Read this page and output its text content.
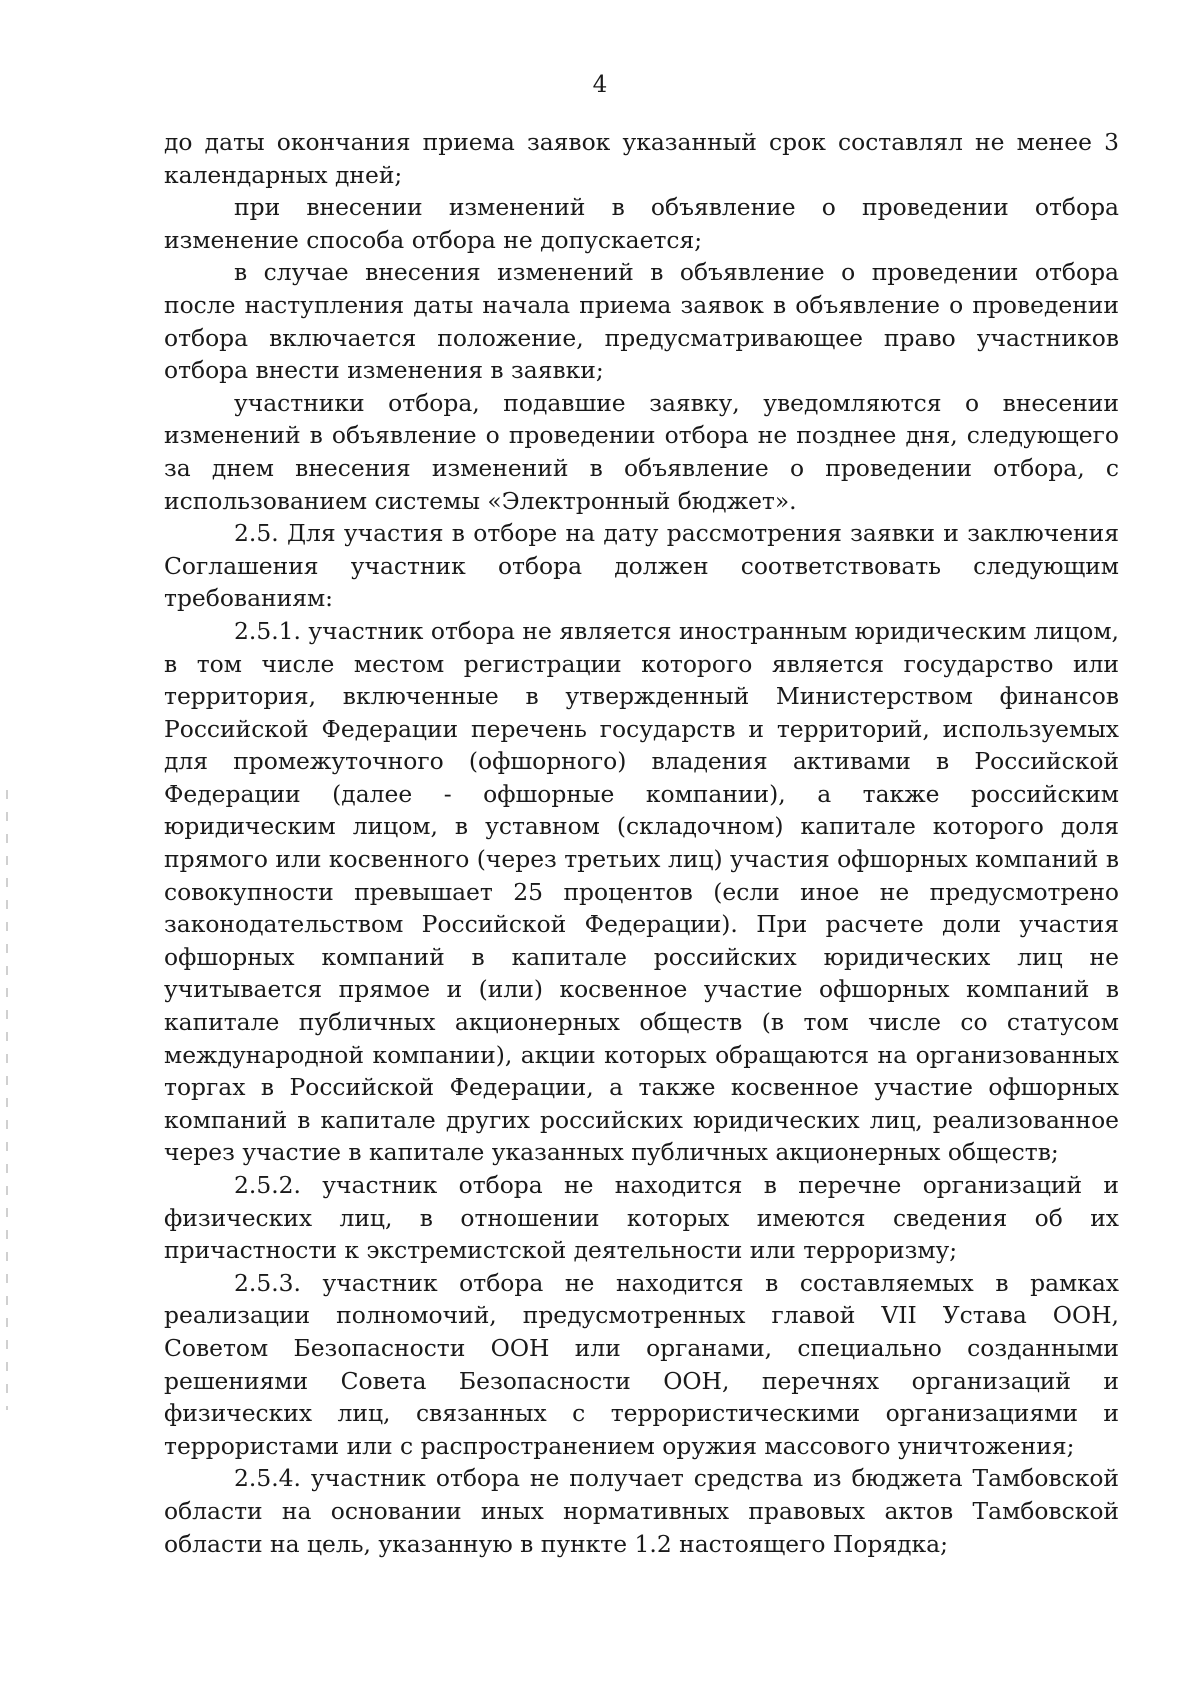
4

до даты окончания приема заявок указанный срок составлял не менее 3 календарных дней;

при внесении изменений в объявление о проведении отбора изменение способа отбора не допускается;

в случае внесения изменений в объявление о проведении отбора после наступления даты начала приема заявок в объявление о проведении отбора включается положение, предусматривающее право участников отбора внести изменения в заявки;

участники отбора, подавшие заявку, уведомляются о внесении изменений в объявление о проведении отбора не позднее дня, следующего за днем внесения изменений в объявление о проведении отбора, с использованием системы «Электронный бюджет».

2.5. Для участия в отборе на дату рассмотрения заявки и заключения Соглашения участник отбора должен соответствовать следующим требованиям:

2.5.1. участник отбора не является иностранным юридическим лицом, в том числе местом регистрации которого является государство или территория, включенные в утвержденный Министерством финансов Российской Федерации перечень государств и территорий, используемых для промежуточного (офшорного) владения активами в Российской Федерации (далее - офшорные компании), а также российским юридическим лицом, в уставном (складочном) капитале которого доля прямого или косвенного (через третьих лиц) участия офшорных компаний в совокупности превышает 25 процентов (если иное не предусмотрено законодательством Российской Федерации). При расчете доли участия офшорных компаний в капитале российских юридических лиц не учитывается прямое и (или) косвенное участие офшорных компаний в капитале публичных акционерных обществ (в том числе со статусом международной компании), акции которых обращаются на организованных торгах в Российской Федерации, а также косвенное участие офшорных компаний в капитале других российских юридических лиц, реализованное через участие в капитале указанных публичных акционерных обществ;

2.5.2. участник отбора не находится в перечне организаций и физических лиц, в отношении которых имеются сведения об их причастности к экстремистской деятельности или терроризму;

2.5.3. участник отбора не находится в составляемых в рамках реализации полномочий, предусмотренных главой VII Устава ООН, Советом Безопасности ООН или органами, специально созданными решениями Совета Безопасности ООН, перечнях организаций и физических лиц, связанных с террористическими организациями и террористами или с распространением оружия массового уничтожения;

2.5.4. участник отбора не получает средства из бюджета Тамбовской области на основании иных нормативных правовых актов Тамбовской области на цель, указанную в пункте 1.2 настоящего Порядка;
